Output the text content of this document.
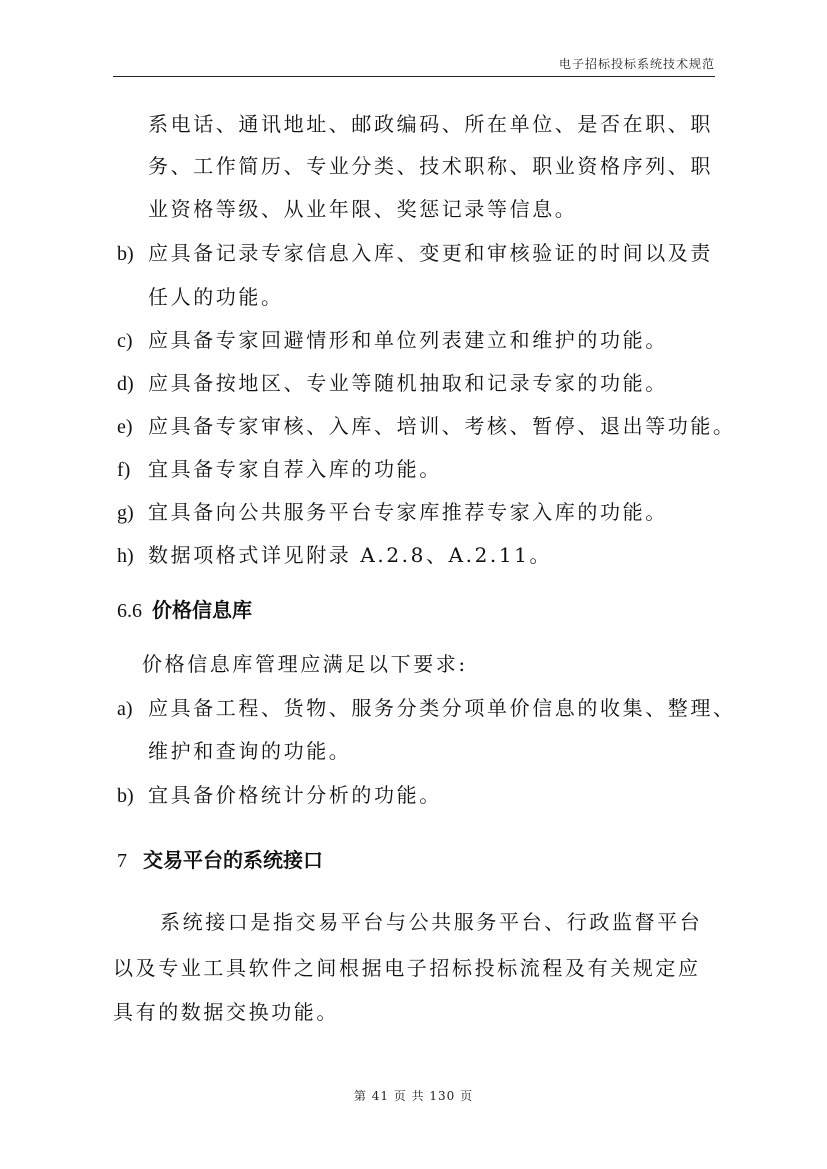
电子招标投标系统技术规范
系电话、通讯地址、邮政编码、所在单位、是否在职、职
务、工作简历、专业分类、技术职称、职业资格序列、职
业资格等级、从业年限、奖惩记录等信息。
b) 应具备记录专家信息入库、变更和审核验证的时间以及责
任人的功能。
c) 应具备专家回避情形和单位列表建立和维护的功能。
d) 应具备按地区、专业等随机抽取和记录专家的功能。
e) 应具备专家审核、入库、培训、考核、暂停、退出等功能。
f) 宜具备专家自荐入库的功能。
g) 宜具备向公共服务平台专家库推荐专家入库的功能。
h) 数据项格式详见附录 A.2.8、A.2.11。
6.6 价格信息库
价格信息库管理应满足以下要求:
a) 应具备工程、货物、服务分类分项单价信息的收集、整理、
维护和查询的功能。
b) 宜具备价格统计分析的功能。
7 交易平台的系统接口
系统接口是指交易平台与公共服务平台、行政监督平台
以及专业工具软件之间根据电子招标投标流程及有关规定应
具有的数据交换功能。
第 41 页 共 130 页
